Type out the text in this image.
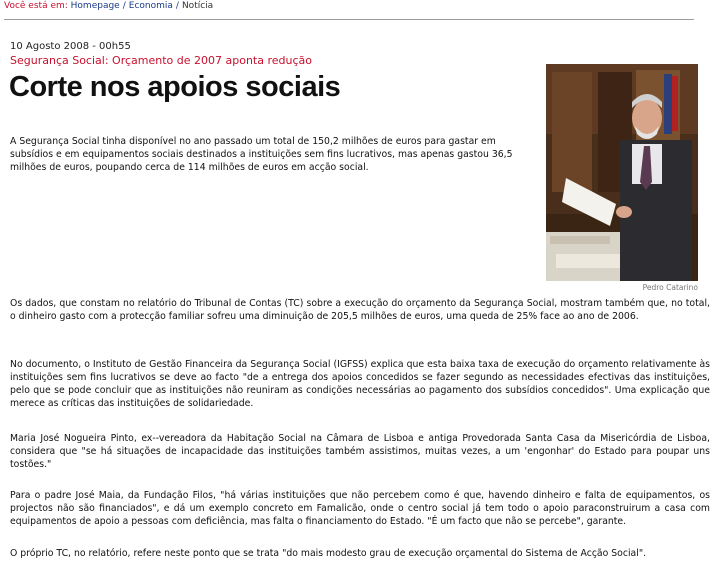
Você está em: Homepage / Economia / Notícia
10 Agosto 2008 - 00h55
Segurança Social: Orçamento de 2007 aponta redução
Corte nos apoios sociais

A Segurança Social tinha disponível no ano passado um total de 150,2 milhões de euros para gastar em subsídios e em equipamentos sociais destinados a instituições sem fins lucrativos, mas apenas gastou 36,5 milhões de euros, poupando cerca de 114 milhões de euros em acção social.

Pedro Catarino

Os dados, que constam no relatório do Tribunal de Contas (TC) sobre a execução do orçamento da Segurança Social, mostram também que, no total, o dinheiro gasto com a protecção familiar sofreu uma diminuição de 205,5 milhões de euros, uma queda de 25% face ao ano de 2006.

No documento, o Instituto de Gestão Financeira da Segurança Social (IGFSS) explica que esta baixa taxa de execução do orçamento relativamente às instituições sem fins lucrativos se deve ao facto "de a entrega dos apoios concedidos se fazer segundo as necessidades efectivas das instituições, pelo que se pode concluir que as instituições não reuniram as condições necessárias ao pagamento dos subsídios concedidos". Uma explicação que merece as críticas das instituições de solidariedade.

Maria José Nogueira Pinto, ex--vereadora da Habitação Social na Câmara de Lisboa e antiga Provedorada Santa Casa da Misericórdia de Lisboa, considera que "se há situações de incapacidade das instituições também assistimos, muitas vezes, a um 'engonhar' do Estado para poupar uns tostões."

Para o padre José Maia, da Fundação Filos, "há várias instituições que não percebem como é que, havendo dinheiro e falta de equipamentos, os projectos não são financiados", e dá um exemplo concreto em Famalicão, onde o centro social já tem todo o apoio paraconstruirum a casa com equipamentos de apoio a pessoas com deficiência, mas falta o financiamento do Estado. "É um facto que não se percebe", garante.

O próprio TC, no relatório, refere neste ponto que se trata "do mais modesto grau de execução orçamental do Sistema de Acção Social".
